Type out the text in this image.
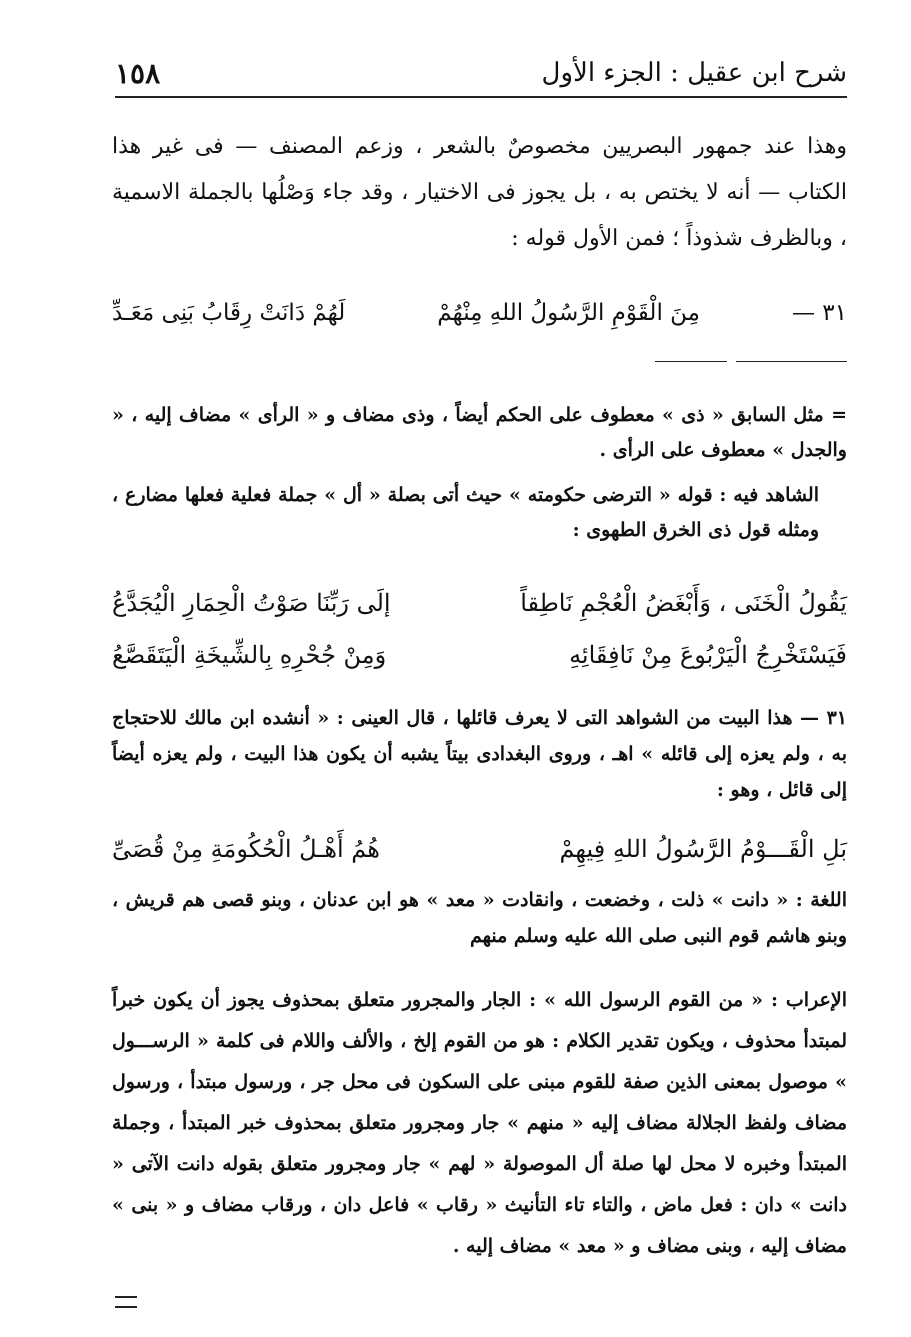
١٥٨	شرح ابن عقيل : الجزء الأول

وهذا عند جمهور البصريين مخصوصٌ بالشعر ، وزعم المصنف — فى غير هذا الكتاب — أنه لا يختص به ، بل يجوز فى الاختيار ، وقد جاء وَصْلُها بالجملة الاسمية ، وبالظرف شذوذاً ؛ فمن الأول قوله :

٣١ —
مِنَ الْقَوْمِ الرَّسُولُ اللهِ مِنْهُمْ
لَهُمْ دَانَتْ رِقَابُ بَنِى مَعَـدِّ

= مثل السابق « ذى » معطوف على الحكم أيضاً ، وذى مضاف و « الرأى » مضاف إليه ، « والجدل » معطوف على الرأى .

الشاهد فيه : قوله « الترضى حكومته » حيث أتى بصلة « أل » جملة فعلية فعلها مضارع ، ومثله قول ذى الخرق الطهوى :

يَقُولُ الْخَنَى ، وَأَبْغَضُ الْعُجْمِ نَاطِقاً
إلَى رَبِّنَا صَوْتُ الْحِمَارِ الْيُجَدَّعُ
فَيَسْتَخْرِجُ الْيَرْبُوعَ مِنْ نَافِقَائِهِ
وَمِنْ جُحْرِهِ بِالشِّيخَةِ الْيَتَقَصَّعُ

٣١ — هذا البيت من الشواهد التى لا يعرف قائلها ، قال العينى : « أنشده ابن مالك للاحتجاج به ، ولم يعزه إلى قائله » اهـ ، وروى البغدادى بيتاً يشبه أن يكون هذا البيت ، ولم يعزه أيضاً إلى قائل ، وهو :

بَلِ الْقَـــوْمُ الرَّسُولُ اللهِ فِيهِمْ
هُمُ أَهْـلُ الْحُكُومَةِ مِنْ قُصَىِّ

اللغة : « دانت » ذلت ، وخضعت ، وانقادت « معد » هو ابن عدنان ، وبنو قصى هم قريش ، وبنو هاشم قوم النبى صلى الله عليه وسلم منهم

الإعراب : « من القوم الرسول الله » : الجار والمجرور متعلق بمحذوف يجوز أن يكون خبراً لمبتدأ محذوف ، ويكون تقدير الكلام : هو من القوم إلخ ، والألف واللام فى كلمة « الرســـول » موصول بمعنى الذين صفة للقوم مبنى على السكون فى محل جر ، ورسول مبتدأ ، ورسول مضاف ولفظ الجلالة مضاف إليه « منهم » جار ومجرور متعلق بمحذوف خبر المبتدأ ، وجملة المبتدأ وخبره لا محل لها صلة أل الموصولة « لهم » جار ومجرور متعلق بقوله دانت الآتى « دانت » دان : فعل ماض ، والتاء تاء التأنيث « رقاب » فاعل دان ، ورقاب مضاف و « بنى » مضاف إليه ، وبنى مضاف و « معد » مضاف إليه .
